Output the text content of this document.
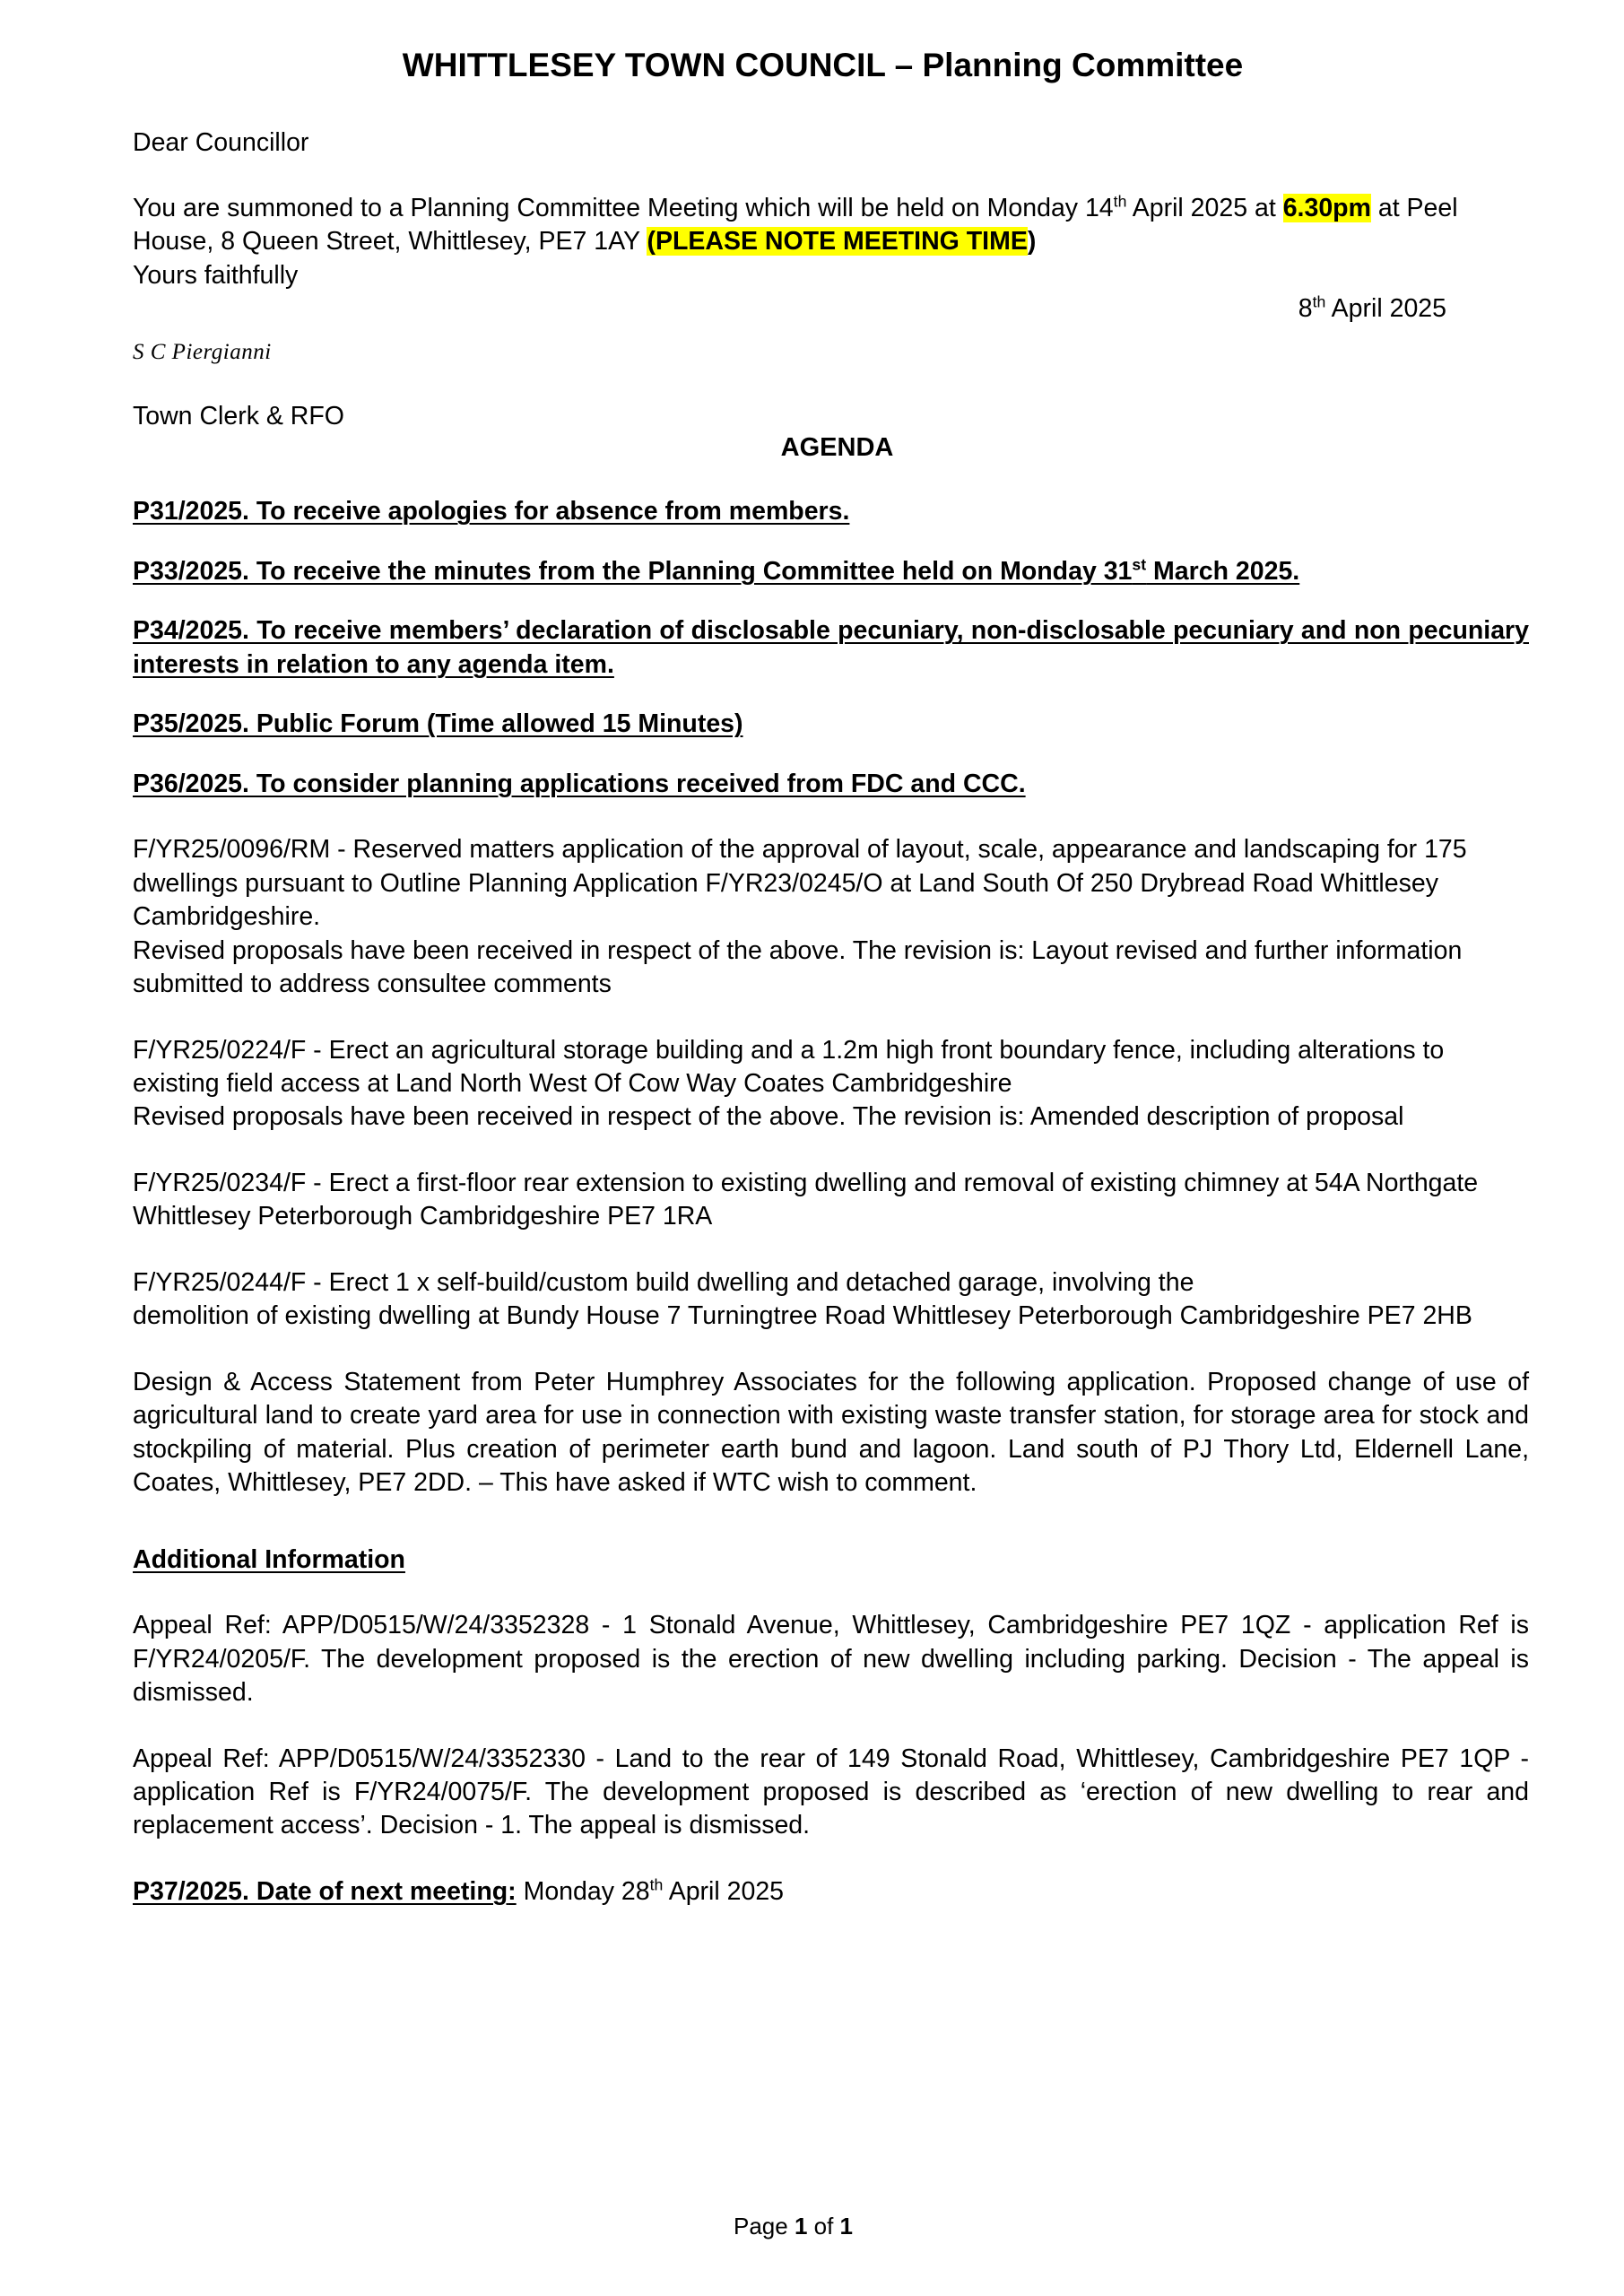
WHITTLESEY TOWN COUNCIL – Planning Committee

Dear Councillor

You are summoned to a Planning Committee Meeting which will be held on Monday 14th April 2025 at 6.30pm at Peel House, 8 Queen Street, Whittlesey, PE7 1AY (PLEASE NOTE MEETING TIME)

Yours faithfully

8th April 2025

S C Piergianni

Town Clerk & RFO

AGENDA

P31/2025. To receive apologies for absence from members.

P33/2025. To receive the minutes from the Planning Committee held on Monday 31st March 2025.

P34/2025. To receive members’ declaration of disclosable pecuniary, non-disclosable pecuniary and non pecuniary interests in relation to any agenda item.

P35/2025. Public Forum (Time allowed 15 Minutes)

P36/2025. To consider planning applications received from FDC and CCC.

F/YR25/0096/RM - Reserved matters application of the approval of layout, scale, appearance and landscaping for 175 dwellings pursuant to Outline Planning Application F/YR23/0245/O at Land South Of 250 Drybread Road Whittlesey Cambridgeshire.

Revised proposals have been received in respect of the above. The revision is: Layout revised and further information submitted to address consultee comments

F/YR25/0224/F - Erect an agricultural storage building and a 1.2m high front boundary fence, including alterations to existing field access at Land North West Of Cow Way Coates Cambridgeshire

Revised proposals have been received in respect of the above. The revision is: Amended description of proposal

F/YR25/0234/F - Erect a first-floor rear extension to existing dwelling and removal of existing chimney at 54A Northgate Whittlesey Peterborough Cambridgeshire PE7 1RA

F/YR25/0244/F - Erect 1 x self-build/custom build dwelling and detached garage, involving the

demolition of existing dwelling at Bundy House 7 Turningtree Road Whittlesey Peterborough Cambridgeshire PE7 2HB

Design & Access Statement from Peter Humphrey Associates for the following application. Proposed change of use of agricultural land to create yard area for use in connection with existing waste transfer station, for storage area for stock and stockpiling of material. Plus creation of perimeter earth bund and lagoon. Land south of PJ Thory Ltd, Eldernell Lane, Coates, Whittlesey, PE7 2DD. – This have asked if WTC wish to comment.

Additional Information

Appeal Ref: APP/D0515/W/24/3352328 - 1 Stonald Avenue, Whittlesey, Cambridgeshire PE7 1QZ - application Ref is F/YR24/0205/F. The development proposed is the erection of new dwelling including parking. Decision - The appeal is dismissed.

Appeal Ref: APP/D0515/W/24/3352330 - Land to the rear of 149 Stonald Road, Whittlesey, Cambridgeshire PE7 1QP - application Ref is F/YR24/0075/F. The development proposed is described as ‘erection of new dwelling to rear and replacement access’. Decision - 1. The appeal is dismissed.

P37/2025. Date of next meeting: Monday 28th April 2025

Page 1 of 1
